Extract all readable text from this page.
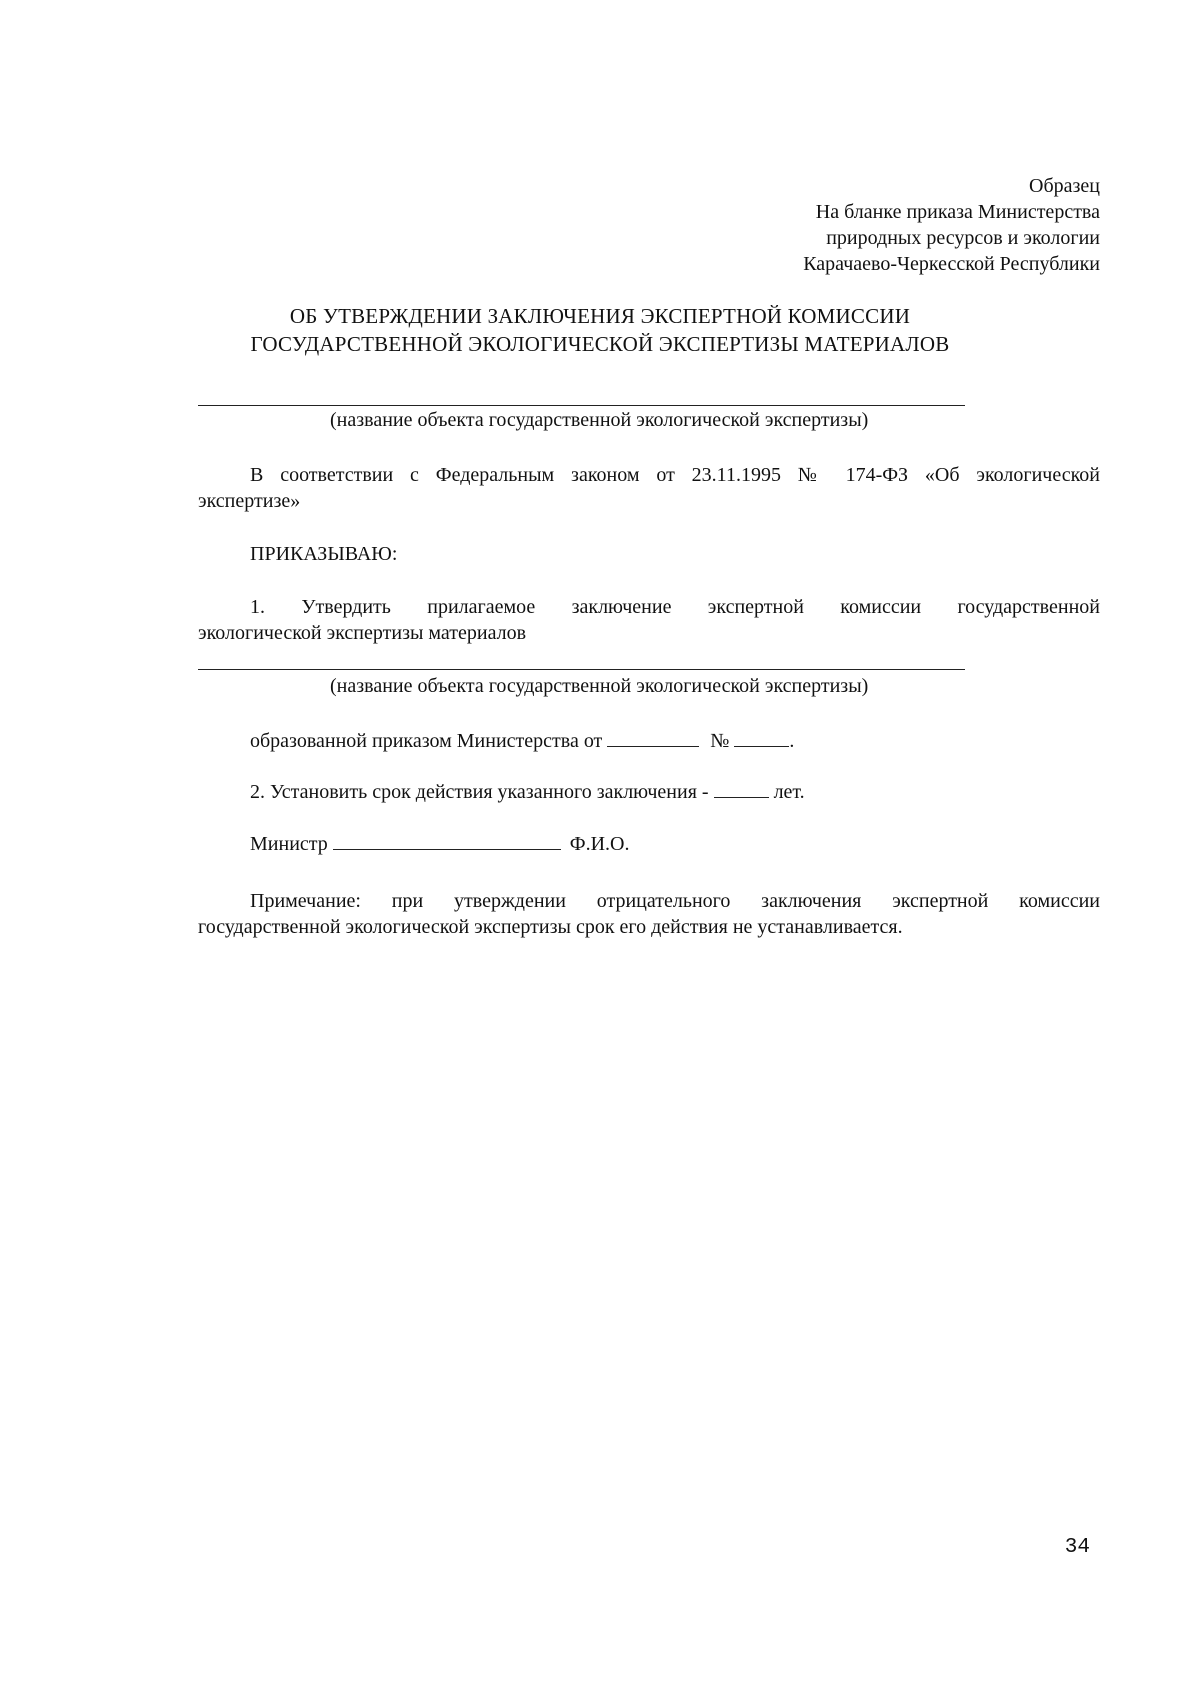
Образец
На бланке приказа Министерства
природных ресурсов и экологии
Карачаево-Черкесской Республики
ОБ УТВЕРЖДЕНИИ ЗАКЛЮЧЕНИЯ ЭКСПЕРТНОЙ КОМИССИИ
ГОСУДАРСТВЕННОЙ ЭКОЛОГИЧЕСКОЙ ЭКСПЕРТИЗЫ МАТЕРИАЛОВ
(название объекта государственной экологической экспертизы)
В соответствии с Федеральным законом от 23.11.1995 № 174-ФЗ «Об экологической
экспертизе»
ПРИКАЗЫВАЮ:
1. Утвердить прилагаемое заключение экспертной комиссии государственной
экологической экспертизы материалов
(название объекта государственной экологической экспертизы)
образованной приказом Министерства от	№	.
2. Установить срок действия указанного заключения -	лет.
Министр	Ф.И.О.
Примечание: при утверждении отрицательного заключения экспертной комиссии
государственной экологической экспертизы срок его действия не устанавливается.
34
